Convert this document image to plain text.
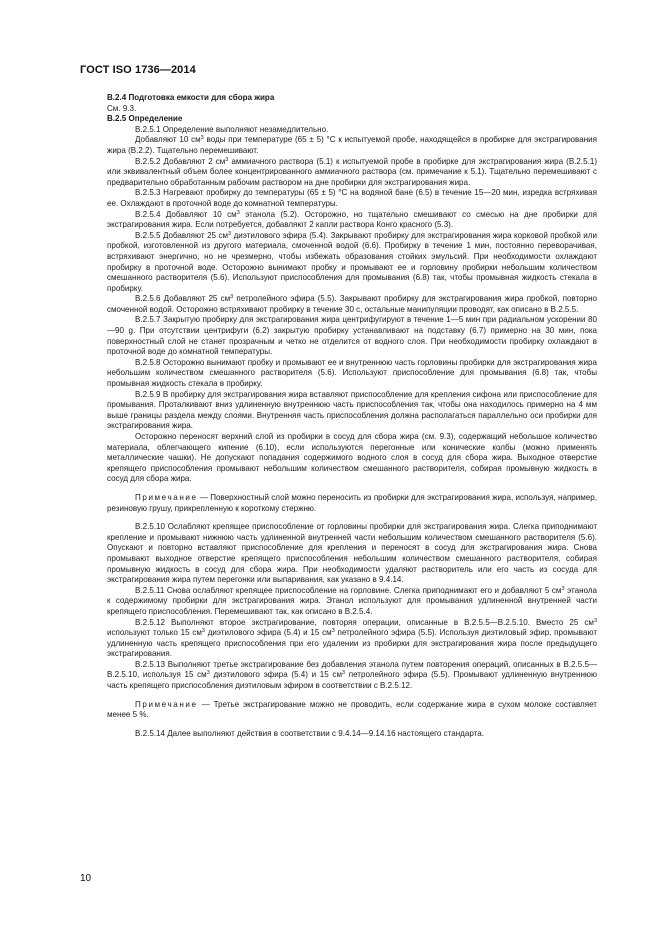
ГОСТ ISO 1736—2014

В.2.4 Подготовка емкости для сбора жира

См. 9.3.

В.2.5 Определение

В.2.5.1 Определение выполняют незамедлительно.

Добавляют 10 $см^3$ воды при температуре (65 ± 5) °С к испытуемой пробе, находящейся в пробирке для экстрагирования жира (В.2.2). Тщательно перемешивают.

В.2.5.2 Добавляют 2 $см^3$ аммиачного раствора (5.1) к испытуемой пробе в пробирке для экстрагирования жира (В.2.5.1) или эквивалентный объем более концентрированного аммиачного раствора (см. примечание к 5.1). Тщательно перемешивают с предварительно обработанным рабочим раствором на дне пробирки для экстрагирования жира.

В.2.5.3 Нагревают пробирку до температуры (65 ± 5) °С на водяной бане (6.5) в течение 15—20 мин, изредка встряхивая ее. Охлаждают в проточной воде до комнатной температуры.

В.2.5.4 Добавляют 10 $см^3$ этанола (5.2). Осторожно, но тщательно смешивают со смесью на дне пробирки для экстрагирования жира. Если потребуется, добавляют 2 капли раствора Конго красного (5.3).

В.2.5.5 Добавляют 25 $см^3$ диэтилового эфира (5.4). Закрывают пробирку для экстрагирования жира корковой пробкой или пробкой, изготовленной из другого материала, смоченной водой (6.6). Пробирку в течение 1 мин, постоянно переворачивая, встряхивают энергично, но не чрезмерно, чтобы избежать образования стойких эмульсий. При необходимости охлаждают пробирку в проточной воде. Осторожно вынимают пробку и промывают ее и горловину пробирки небольшим количеством смешанного растворителя (5.6). Используют приспособления для промывания (6.8) так, чтобы промывная жидкость стекала в пробирку.

В.2.5.6 Добавляют 25 $см^3$ петролейного эфира (5.5). Закрывают пробирку для экстрагирования жира пробкой, повторно смоченной водой. Осторожно встряхивают пробирку в течение 30 с, остальные манипуляции проводят, как описано в В.2.5.5.

В.2.5.7 Закрытую пробирку для экстрагирования жира центрифугируют в течение 1—5 мин при радиальном ускорении 80—90 g. При отсутствии центрифуги (6.2) закрытую пробирку устанавливают на подставку (6.7) примерно на 30 мин, пока поверхностный слой не станет прозрачным и четко не отделится от водного слоя. При необходимости пробирку охлаждают в проточной воде до комнатной температуры.

В.2.5.8 Осторожно вынимают пробку и промывают ее и внутреннюю часть горловины пробирки для экстрагирования жира небольшим количеством смешанного растворителя (5.6). Используют приспособление для промывания (6.8) так, чтобы промывная жидкость стекала в пробирку.

В.2.5.9 В пробирку для экстрагирования жира вставляют приспособление для крепления сифона или приспособление для промывания. Проталкивают вниз удлиненную внутреннюю часть приспособления так, чтобы она находилось примерно на 4 мм выше границы раздела между слоями. Внутренняя часть приспособления должна располагаться параллельно оси пробирки для экстрагирования жира.

Осторожно переносят верхний слой из пробирки в сосуд для сбора жира (см. 9.3), содержащий небольшое количество материала, облегчающего кипение (6.10), если используются перегонные или конические колбы (можно применять металлические чашки). Не допускают попадания содержимого водного слоя в сосуд для сбора жира. Выходное отверстие крепящего приспособления промывают небольшим количеством смешанного растворителя, собирая промывную жидкость в сосуд для сбора жира.

Примечание — Поверхностный слой можно переносить из пробирки для экстрагирования жира, используя, например, резиновую грушу, прикрепленную к короткому стержню.

В.2.5.10 Ослабляют крепящее приспособление от горловины пробирки для экстрагирования жира. Слегка приподнимают крепление и промывают нижнюю часть удлиненной внутренней части небольшим количеством смешанного растворителя (5.6). Опускают и повторно вставляют приспособление для крепления и переносят в сосуд для экстрагирования жира. Снова промывают выходное отверстие крепящего приспособления небольшим количеством смешанного растворителя, собирая промывную жидкость в сосуд для сбора жира. При необходимости удаляют растворитель или его часть из сосуда для экстрагирования жира путем перегонки или выпаривания, как указано в 9.4.14.

В.2.5.11 Снова ослабляют крепящее приспособление на горловине. Слегка приподнимают его и добавляют 5 $см^3$ этанола к содержимому пробирки для экстрагирования жира. Этанол используют для промывания удлиненной внутренней части крепящего приспособления. Перемешивают так, как описано в В.2.5.4.

В.2.5.12 Выполняют второе экстрагирование, повторяя операции, описанные в В.2.5.5—В.2.5.10. Вместо 25 $см^3$ используют только 15 $см^3$ диэтилового эфира (5.4) и 15 $см^3$ петролейного эфира (5.5). Используя диэтиловый эфир, промывают удлиненную часть крепящего приспособления при его удалении из пробирки для экстрагирования жира после предыдущего экстрагирования.

В.2.5.13 Выполняют третье экстрагирование без добавления этанола путем повторения операций, описанных в В.2.5.5—В.2.5.10, используя 15 $см^3$ диэтилового эфира (5.4) и 15 $см^3$ петролейного эфира (5.5). Промывают удлиненную внутреннюю часть крепящего приспособления диэтиловым эфиром в соответствии с В.2.5.12.

Примечание — Третье экстрагирование можно не проводить, если содержание жира в сухом молоке составляет менее 5 %.

В.2.5.14 Далее выполняют действия в соответствии с 9.4.14—9.14.16 настоящего стандарта.

10
